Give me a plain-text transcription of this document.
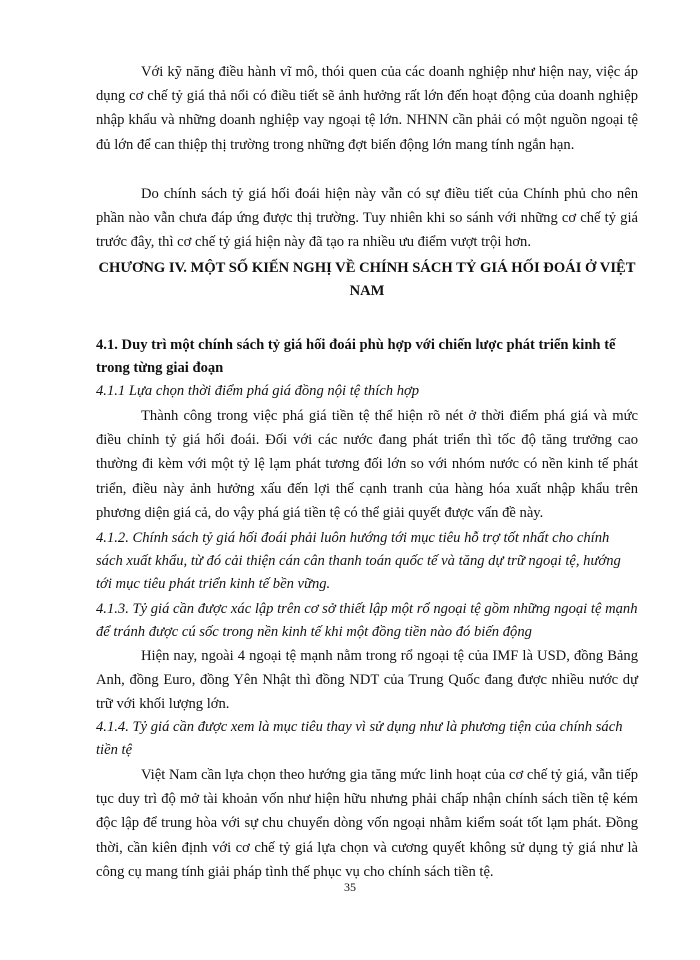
Với kỹ năng điều hành vĩ mô, thói quen của các doanh nghiệp như hiện nay, việc áp dụng cơ chế tỷ giá thả nổi có điều tiết sẽ ảnh hưởng rất lớn đến hoạt động của doanh nghiệp nhập khẩu và những doanh nghiệp vay ngoại tệ lớn. NHNN cần phải có một nguồn ngoại tệ đủ lớn để can thiệp thị trường trong những đợt biến động lớn mang tính ngắn hạn.
Do chính sách tỷ giá hối đoái hiện này vẫn có sự điều tiết của Chính phủ cho nên phần nào vẫn chưa đáp ứng được thị trường. Tuy nhiên khi so sánh với những cơ chế tỷ giá trước đây, thì cơ chế tỷ giá hiện này đã tạo ra nhiều ưu điểm vượt trội hơn.
CHƯƠNG IV. MỘT SỐ KIẾN NGHỊ VỀ CHÍNH SÁCH TỶ GIÁ HỐI ĐOÁI Ở VIỆT NAM
4.1. Duy trì một chính sách tỷ giá hối đoái phù hợp với chiến lược phát triển kinh tế trong từng giai đoạn
4.1.1 Lựa chọn thời điểm phá giá đồng nội tệ thích hợp
Thành công trong việc phá giá tiền tệ thể hiện rõ nét ở thời điểm phá giá và mức điều chỉnh tỷ giá hối đoái. Đối với các nước đang phát triển thì tốc độ tăng trưởng cao thường đi kèm với một tỷ lệ lạm phát tương đối lớn so với nhóm nước có nền kinh tế phát triển, điều này ảnh hưởng xấu đến lợi thế cạnh tranh của hàng hóa xuất nhập khẩu trên phương diện giá cả, do vậy phá giá tiền tệ có thể giải quyết được vấn đề này.
4.1.2. Chính sách tỷ giá hối đoái phải luôn hướng tới mục tiêu hỗ trợ tốt nhất cho chính sách xuất khẩu, từ đó cải thiện cán cân thanh toán quốc tế và tăng dự trữ ngoại tệ, hướng tới mục tiêu phát triển kinh tế bền vững.
4.1.3. Tỷ giá cần được xác lập trên cơ sở thiết lập một rổ ngoại tệ gồm những ngoại tệ mạnh để tránh được cú sốc trong nền kinh tế khi một đồng tiền nào đó biến động
Hiện nay, ngoài 4 ngoại tệ mạnh nằm trong rổ ngoại tệ của IMF là USD, đồng Bảng Anh, đồng Euro, đồng Yên Nhật thì đồng NDT của Trung Quốc đang được nhiều nước dự trữ với khối lượng lớn.
4.1.4. Tỷ giá cần được xem là mục tiêu thay vì sử dụng như là phương tiện của chính sách tiền tệ
Việt Nam cần lựa chọn theo hướng gia tăng mức linh hoạt của cơ chế tỷ giá, vẫn tiếp tục duy trì độ mở tài khoản vốn như hiện hữu nhưng phải chấp nhận chính sách tiền tệ kém độc lập để trung hòa với sự chu chuyển dòng vốn ngoại nhằm kiểm soát tốt lạm phát. Đồng thời, cần kiên định với cơ chế tỷ giá lựa chọn và cương quyết không sử dụng tỷ giá như là công cụ mang tính giải pháp tình thế phục vụ cho chính sách tiền tệ.
35
